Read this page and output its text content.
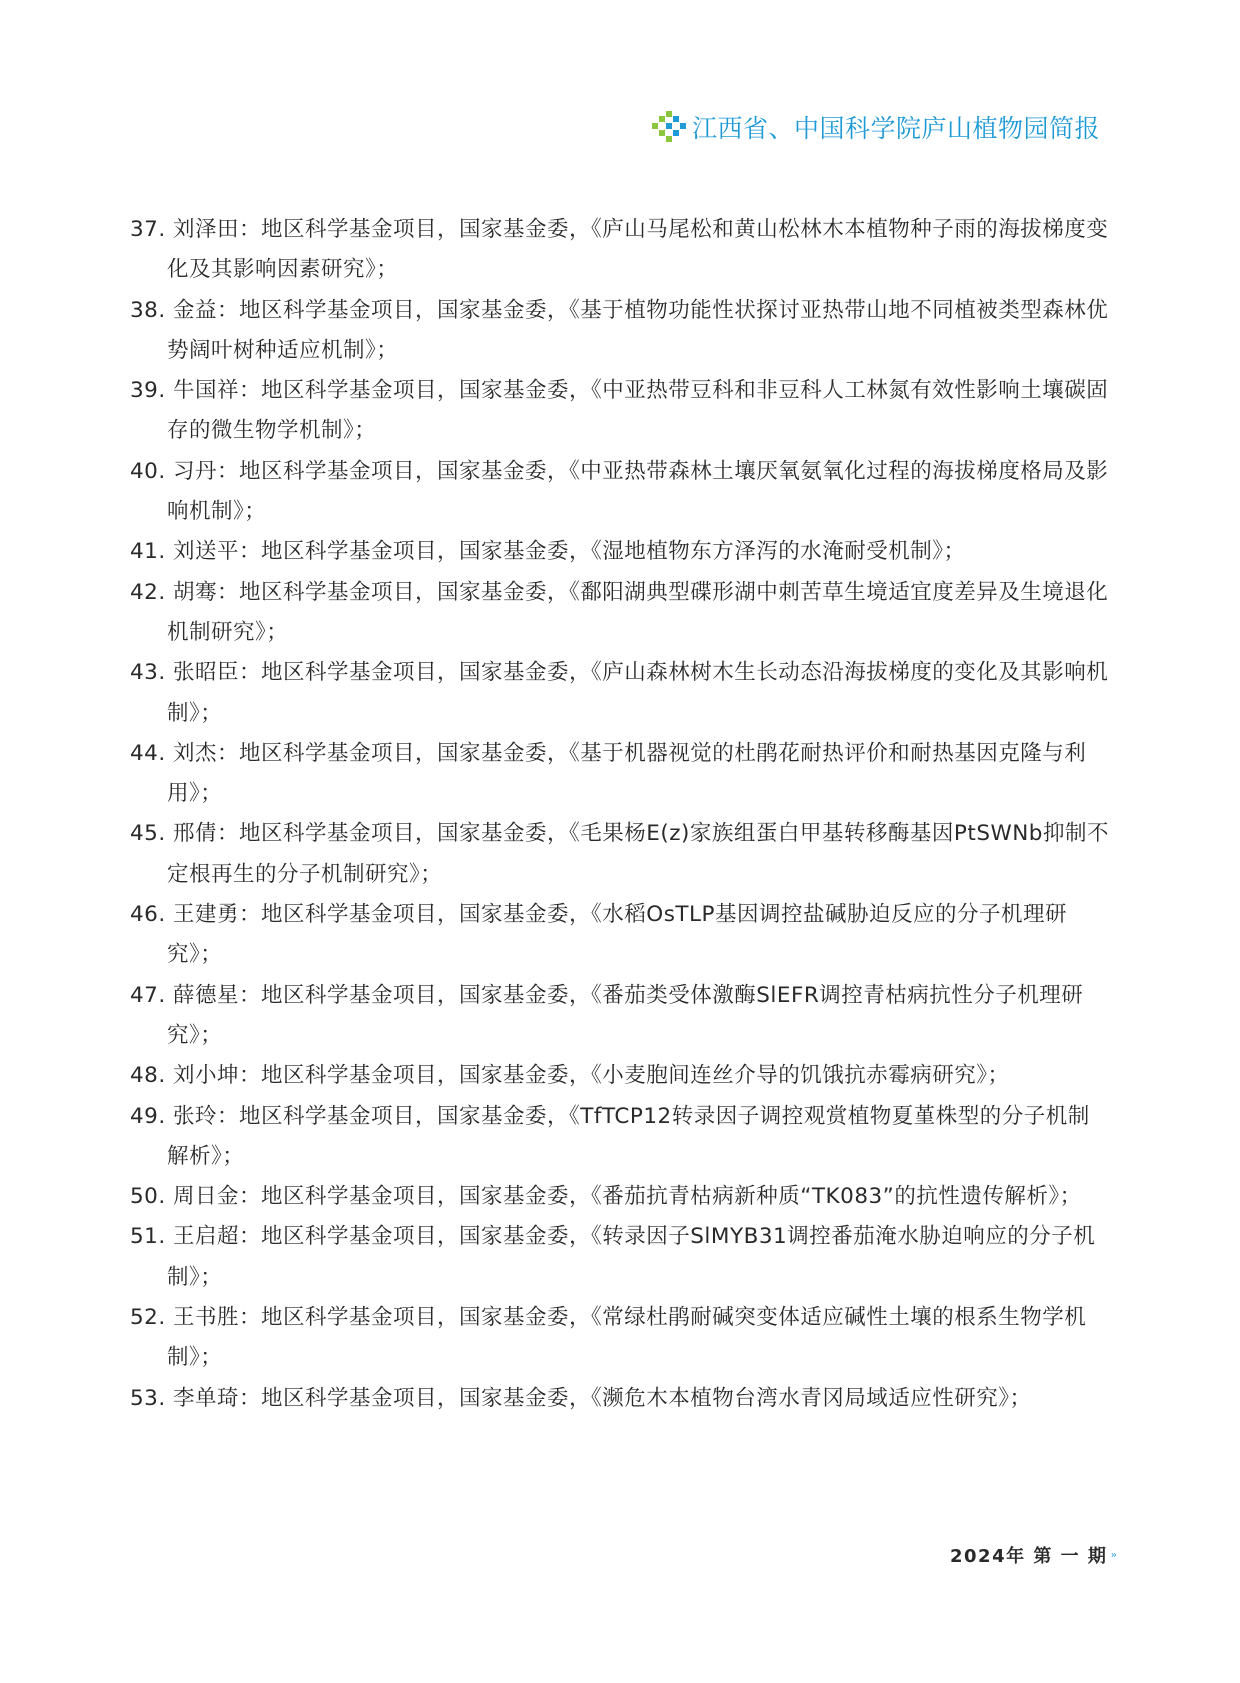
江西省、中国科学院庐山植物园简报
37. 刘泽田：地区科学基金项目，国家基金委，《庐山马尾松和黄山松林木本植物种子雨的海拔梯度变化及其影响因素研究》；
38. 金益：地区科学基金项目，国家基金委，《基于植物功能性状探讨亚热带山地不同植被类型森林优势阔叶树种适应机制》；
39. 牛国祥：地区科学基金项目，国家基金委，《中亚热带豆科和非豆科人工林氮有效性影响土壤碳固存的微生物学机制》；
40. 习丹：地区科学基金项目，国家基金委，《中亚热带森林土壤厌氧氨氧化过程的海拔梯度格局及影响机制》；
41. 刘送平：地区科学基金项目，国家基金委，《湿地植物东方泽泻的水淹耐受机制》；
42. 胡骞：地区科学基金项目，国家基金委，《鄱阳湖典型碟形湖中刺苦草生境适宜度差异及生境退化机制研究》；
43. 张昭臣：地区科学基金项目，国家基金委，《庐山森林树木生长动态沿海拔梯度的变化及其影响机制》；
44. 刘杰：地区科学基金项目，国家基金委，《基于机器视觉的杜鹃花耐热评价和耐热基因克隆与利用》；
45. 邢倩：地区科学基金项目，国家基金委，《毛果杨E(z)家族组蛋白甲基转移酶基因PtSWNb抑制不定根再生的分子机制研究》；
46. 王建勇：地区科学基金项目，国家基金委，《水稻OsTLP基因调控盐碱胁迫反应的分子机理研究》；
47. 薛德星：地区科学基金项目，国家基金委，《番茄类受体激酶SlEFR调控青枯病抗性分子机理研究》；
48. 刘小坤：地区科学基金项目，国家基金委，《小麦胞间连丝介导的饥饿抗赤霉病研究》；
49. 张玲：地区科学基金项目，国家基金委，《TfTCP12转录因子调控观赏植物夏堇株型的分子机制解析》；
50. 周日金：地区科学基金项目，国家基金委，《番茄抗青枯病新种质“TK083”的抗性遗传解析》；
51. 王启超：地区科学基金项目，国家基金委，《转录因子SlMYB31调控番茄淹水胁迫响应的分子机制》；
52. 王书胜：地区科学基金项目，国家基金委，《常绿杜鹃耐碱突变体适应碱性土壤的根系生物学机制》；
53. 李单琦：地区科学基金项目，国家基金委，《濒危木本植物台湾水青冈局域适应性研究》；
2024年 第 一 期
